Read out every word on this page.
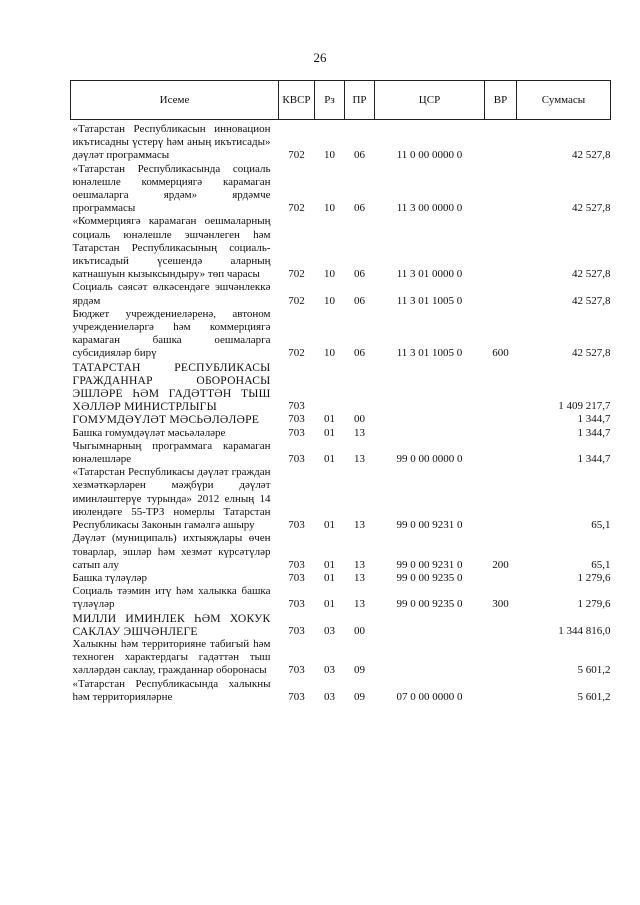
26
Исеме	КВСР	Рз	ПР	ЦСР	ВР	Суммасы
«Татарстан Республикасын инновацион икътисадны үстерү һәм аның икътисады» дәүләт программасы	702	10	06	11 0 00 0000 0		42 527,8
«Татарстан Республикасында социаль юнәлешле коммерциягә карамаган оешмаларга ярдәм» ярдәмче программасы	702	10	06	11 3 00 0000 0		42 527,8
«Коммерциягә карамаган оешмаларның социаль юнәлешле эшчәнлеген һәм Татарстан Республикасының социаль-икътисадый үсешендә аларның катнашуын кызыксындыру» төп чарасы	702	10	06	11 3 01 0000 0		42 527,8
Социаль сәясәт өлкәсендәге эшчәнлеккә ярдәм	702	10	06	11 3 01 1005 0		42 527,8
Бюджет учреждениеләренә, автоном учреждениеләргә һәм коммерциягә карамаган башка оешмаларга субсидияләр бирү	702	10	06	11 3 01 1005 0	600	42 527,8
ТАТАРСТАН РЕСПУБЛИКАСЫ ГРАЖДАННАР ОБОРОНАСЫ ЭШЛӘРЕ ҺӘМ ГАДӘТТӘН ТЫШ ХӘЛЛӘР МИНИСТРЛЫГЫ	703					1 409 217,7
ГОМУМДӘҮЛӘТ МӘСЬӘЛӘЛӘРЕ	703	01	00			1 344,7
Башка гомумдәүләт мәсьәләләре	703	01	13			1 344,7
Чыгымнарның программага карамаган юнәлешләре	703	01	13	99 0 00 0000 0		1 344,7
«Татарстан Республикасы дәүләт граждан хезмәткәрләрен мәҗбүри дәүләт иминләштерүе турында» 2012 елның 14 июлендәге 55-ТРЗ номерлы Татарстан Республикасы Законын гамәлгә ашыру	703	01	13	99 0 00 9231 0		65,1
Дәүләт (муниципаль) ихтыяҗлары өчен товарлар, эшләр һәм хезмәт күрсәтүләр сатып алу	703	01	13	99 0 00 9231 0	200	65,1
Башка түләүләр	703	01	13	99 0 00 9235 0		1 279,6
Социаль тәэмин итү һәм халыкка башка түләүләр	703	01	13	99 0 00 9235 0	300	1 279,6
МИЛЛИ ИМИНЛЕК ҺӘМ ХОКУК САКЛАУ ЭШЧӘНЛЕГЕ	703	03	00			1 344 816,0
Халыкны һәм территорияне табигый һәм техноген характердагы гадәттән тыш хәлләрдән саклау, гражданнар оборонасы	703	03	09			5 601,2
«Татарстан Республикасында халыкны һәм территорияләрне	703	03	09	07 0 00 0000 0		5 601,2
